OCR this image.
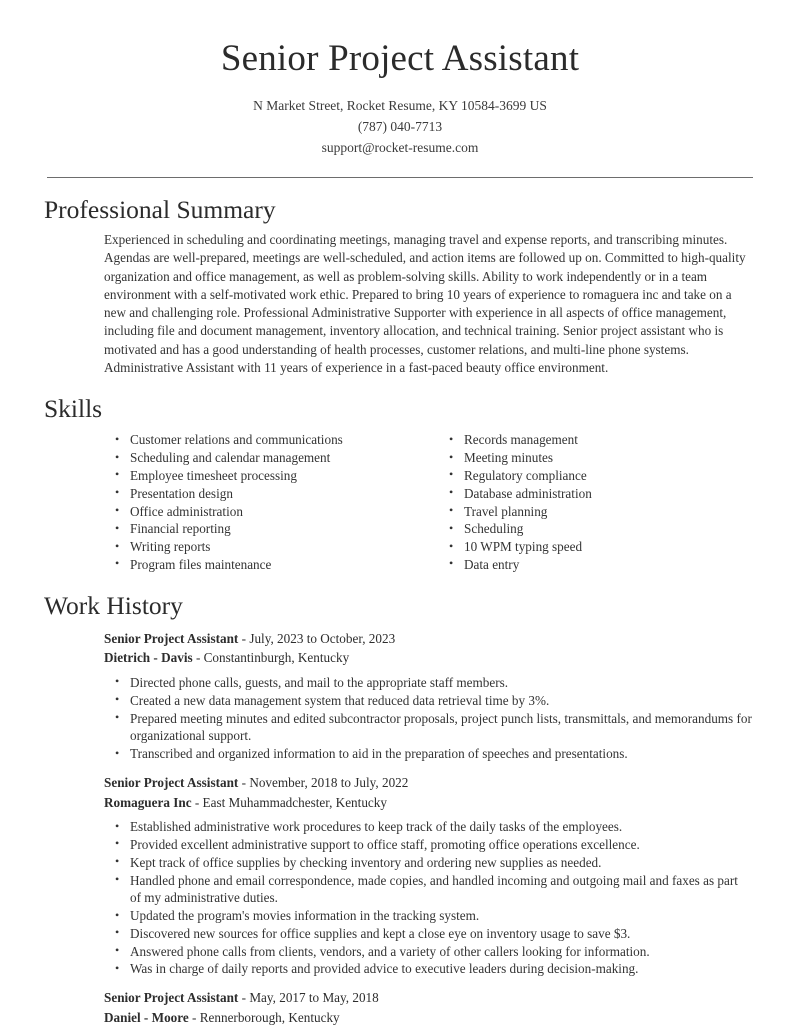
Senior Project Assistant

N Market Street, Rocket Resume, KY 10584-3699 US

(787) 040-7713

support@rocket-resume.com

Professional Summary

Experienced in scheduling and coordinating meetings, managing travel and expense reports, and transcribing minutes. Agendas are well-prepared, meetings are well-scheduled, and action items are followed up on. Committed to high-quality organization and office management, as well as problem-solving skills. Ability to work independently or in a team environment with a self-motivated work ethic. Prepared to bring 10 years of experience to romaguera inc and take on a new and challenging role. Professional Administrative Supporter with experience in all aspects of office management, including file and document management, inventory allocation, and technical training. Senior project assistant who is motivated and has a good understanding of health processes, customer relations, and multi-line phone systems. Administrative Assistant with 11 years of experience in a fast-paced beauty office environment.

Skills
• Customer relations and communications
• Scheduling and calendar management
• Employee timesheet processing
• Presentation design
• Office administration
• Financial reporting
• Writing reports
• Program files maintenance
• Records management
• Meeting minutes
• Regulatory compliance
• Database administration
• Travel planning
• Scheduling
• 10 WPM typing speed
• Data entry
Work History
Senior Project Assistant - July, 2023 to October, 2023
Dietrich - Davis - Constantinburgh, Kentucky
• Directed phone calls, guests, and mail to the appropriate staff members.
• Created a new data management system that reduced data retrieval time by 3%.
• Prepared meeting minutes and edited subcontractor proposals, project punch lists, transmittals, and memorandums for organizational support.
• Transcribed and organized information to aid in the preparation of speeches and presentations.
Senior Project Assistant - November, 2018 to July, 2022
Romaguera Inc - East Muhammadchester, Kentucky
• Established administrative work procedures to keep track of the daily tasks of the employees.
• Provided excellent administrative support to office staff, promoting office operations excellence.
• Kept track of office supplies by checking inventory and ordering new supplies as needed.
• Handled phone and email correspondence, made copies, and handled incoming and outgoing mail and faxes as part of my administrative duties.
• Updated the program's movies information in the tracking system.
• Discovered new sources for office supplies and kept a close eye on inventory usage to save $3.
• Answered phone calls from clients, vendors, and a variety of other callers looking for information.
• Was in charge of daily reports and provided advice to executive leaders during decision-making.
Senior Project Assistant - May, 2017 to May, 2018
Daniel - Moore - Rennerborough, Kentucky
